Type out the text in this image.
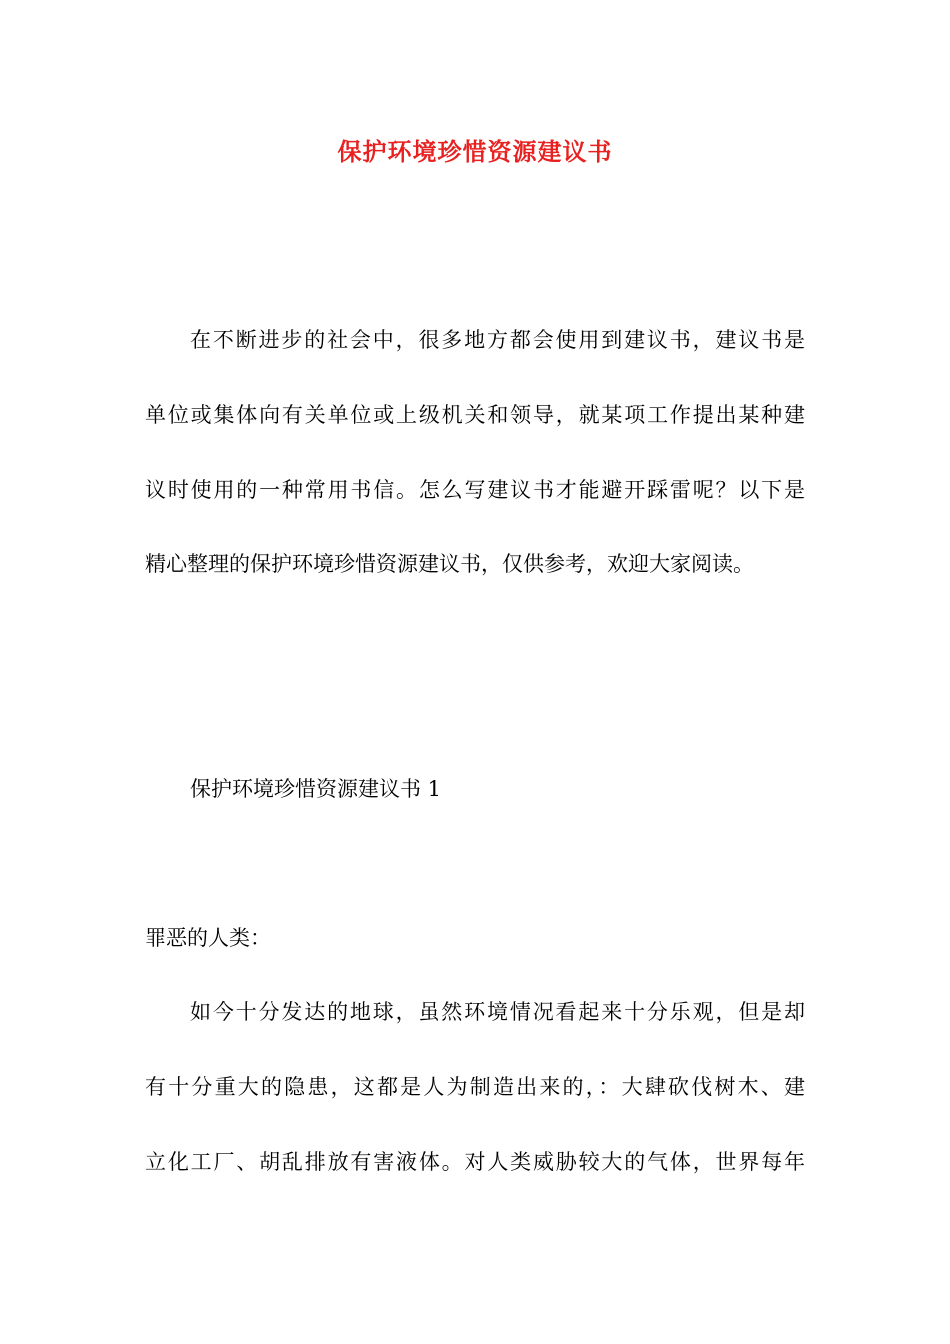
保护环境珍惜资源建议书
在不断进步的社会中，很多地方都会使用到建议书，建议书是
单位或集体向有关单位或上级机关和领导，就某项工作提出某种建
议时使用的一种常用书信。怎么写建议书才能避开踩雷呢？以下是
精心整理的保护环境珍惜资源建议书，仅供参考，欢迎大家阅读。
保护环境珍惜资源建议书 1
罪恶的人类：
如今十分发达的地球，虽然环境情况看起来十分乐观，但是却
有十分重大的隐患，这都是人为制造出来的，：大肆砍伐树木、建
立化工厂、胡乱排放有害液体。对人类威胁较大的气体，世界每年
